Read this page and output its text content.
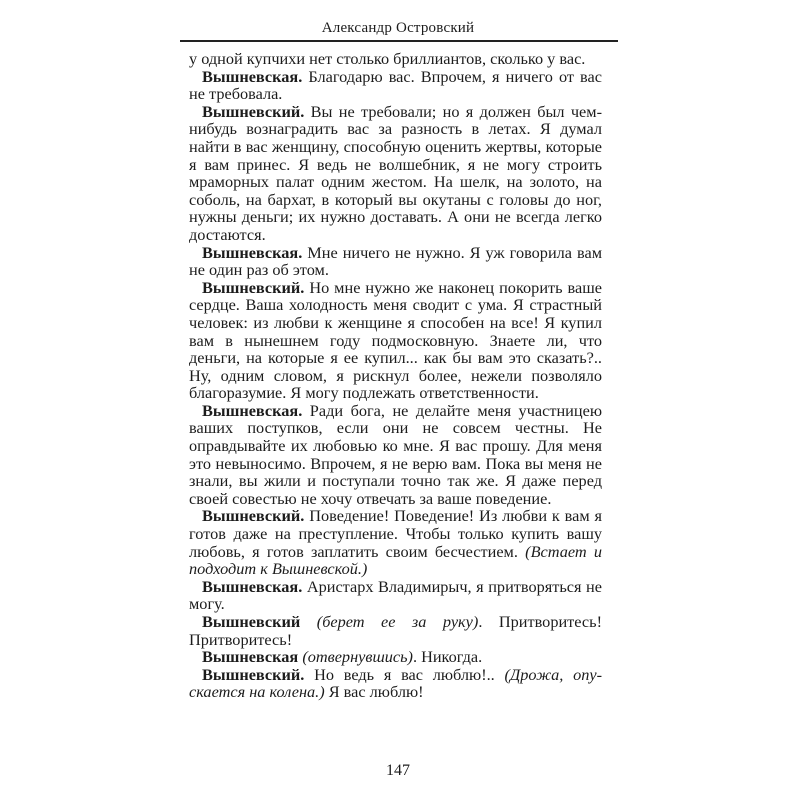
Александр Островский

у одной купчихи нет столько бриллиантов, сколько у вас.

Вышневская. Благодарю вас. Впрочем, я ничего от вас не требовала.

Вышневский. Вы не требовали; но я должен был чем-нибудь вознаградить вас за разность в летах. Я думал найти в вас женщину, способную оценить жертвы, которые я вам принес. Я ведь не волшебник, я не могу строить мраморных палат одним жестом. На шелк, на золото, на соболь, на бархат, в который вы окутаны с головы до ног, нужны деньги; их нужно доставать. А они не всегда легко достаются.

Вышневская. Мне ничего не нужно. Я уж говорила вам не один раз об этом.

Вышневский. Но мне нужно же наконец покорить ваше сердце. Ваша холодность меня сводит с ума. Я страстный человек: из любви к женщине я способен на все! Я купил вам в нынешнем году подмосковную. Знаете ли, что деньги, на которые я ее купил... как бы вам это сказать?.. Ну, одним словом, я рискнул более, нежели позволяло благоразумие. Я могу подлежать ответственности.

Вышневская. Ради бога, не делайте меня участницею ваших поступков, если они не совсем честны. Не оправдывайте их любовью ко мне. Я вас прошу. Для меня это невыносимо. Впрочем, я не верю вам. Пока вы меня не знали, вы жили и поступали точно так же. Я даже перед своей совестью не хочу отвечать за ваше поведение.

Вышневский. Поведение! Поведение! Из любви к вам я готов даже на преступление. Чтобы только купить вашу любовь, я готов заплатить своим бесчестием. (Встает и подходит к Вышневской.)

Вышневская. Аристарх Владимирыч, я притворяться не могу.

Вышневский (берет ее за руку). Притворитесь! Притворитесь!

Вышневская (отвернувшись). Никогда.

Вышневский. Но ведь я вас люблю!.. (Дрожа, опускается на колена.) Я вас люблю!

147
